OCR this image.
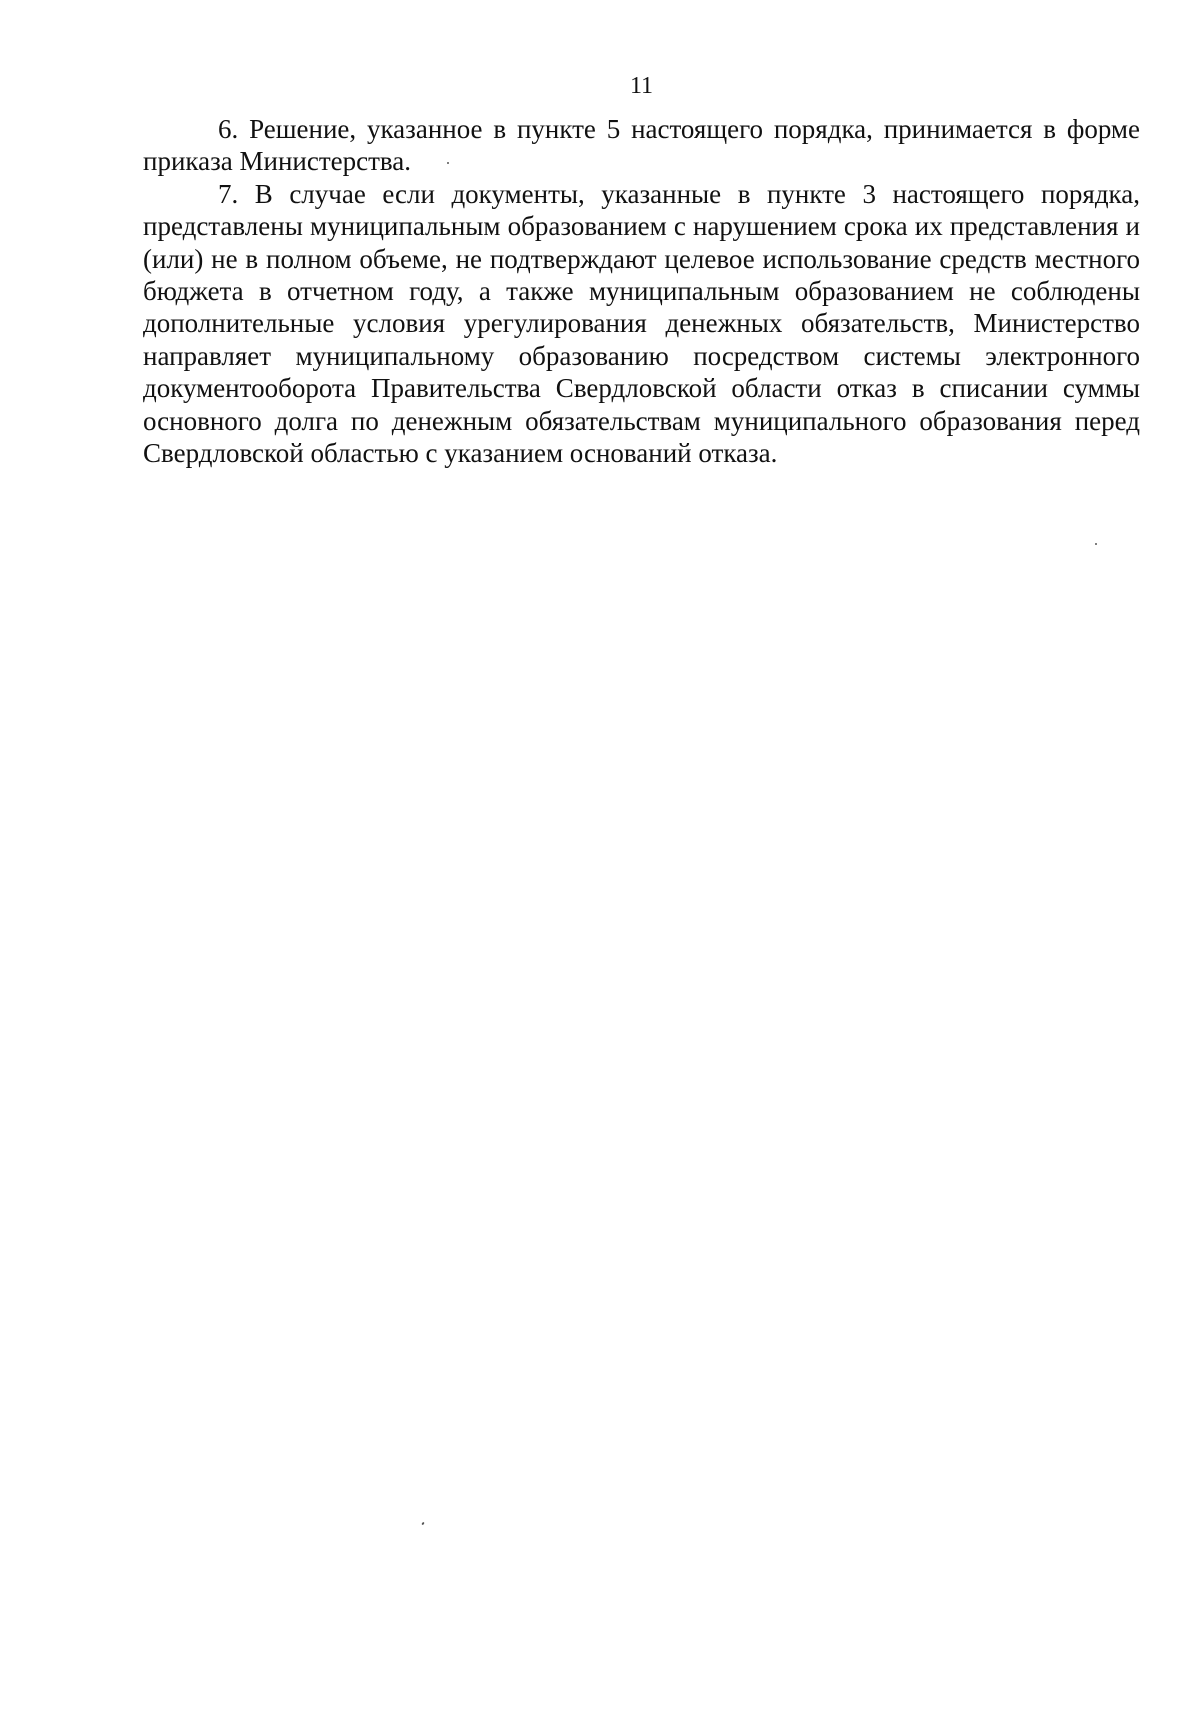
11

6. Решение, указанное в пункте 5 настоящего порядка, принимается в форме приказа Министерства.

7. В случае если документы, указанные в пункте 3 настоящего порядка, представлены муниципальным образованием с нарушением срока их представления и (или) не в полном объеме, не подтверждают целевое использование средств местного бюджета в отчетном году, а также муниципальным образованием не соблюдены дополнительные условия урегулирования денежных обязательств, Министерство направляет муниципальному образованию посредством системы электронного документооборота Правительства Свердловской области отказ в списании суммы основного долга по денежным обязательствам муниципального образования перед Свердловской областью с указанием оснований отказа.
